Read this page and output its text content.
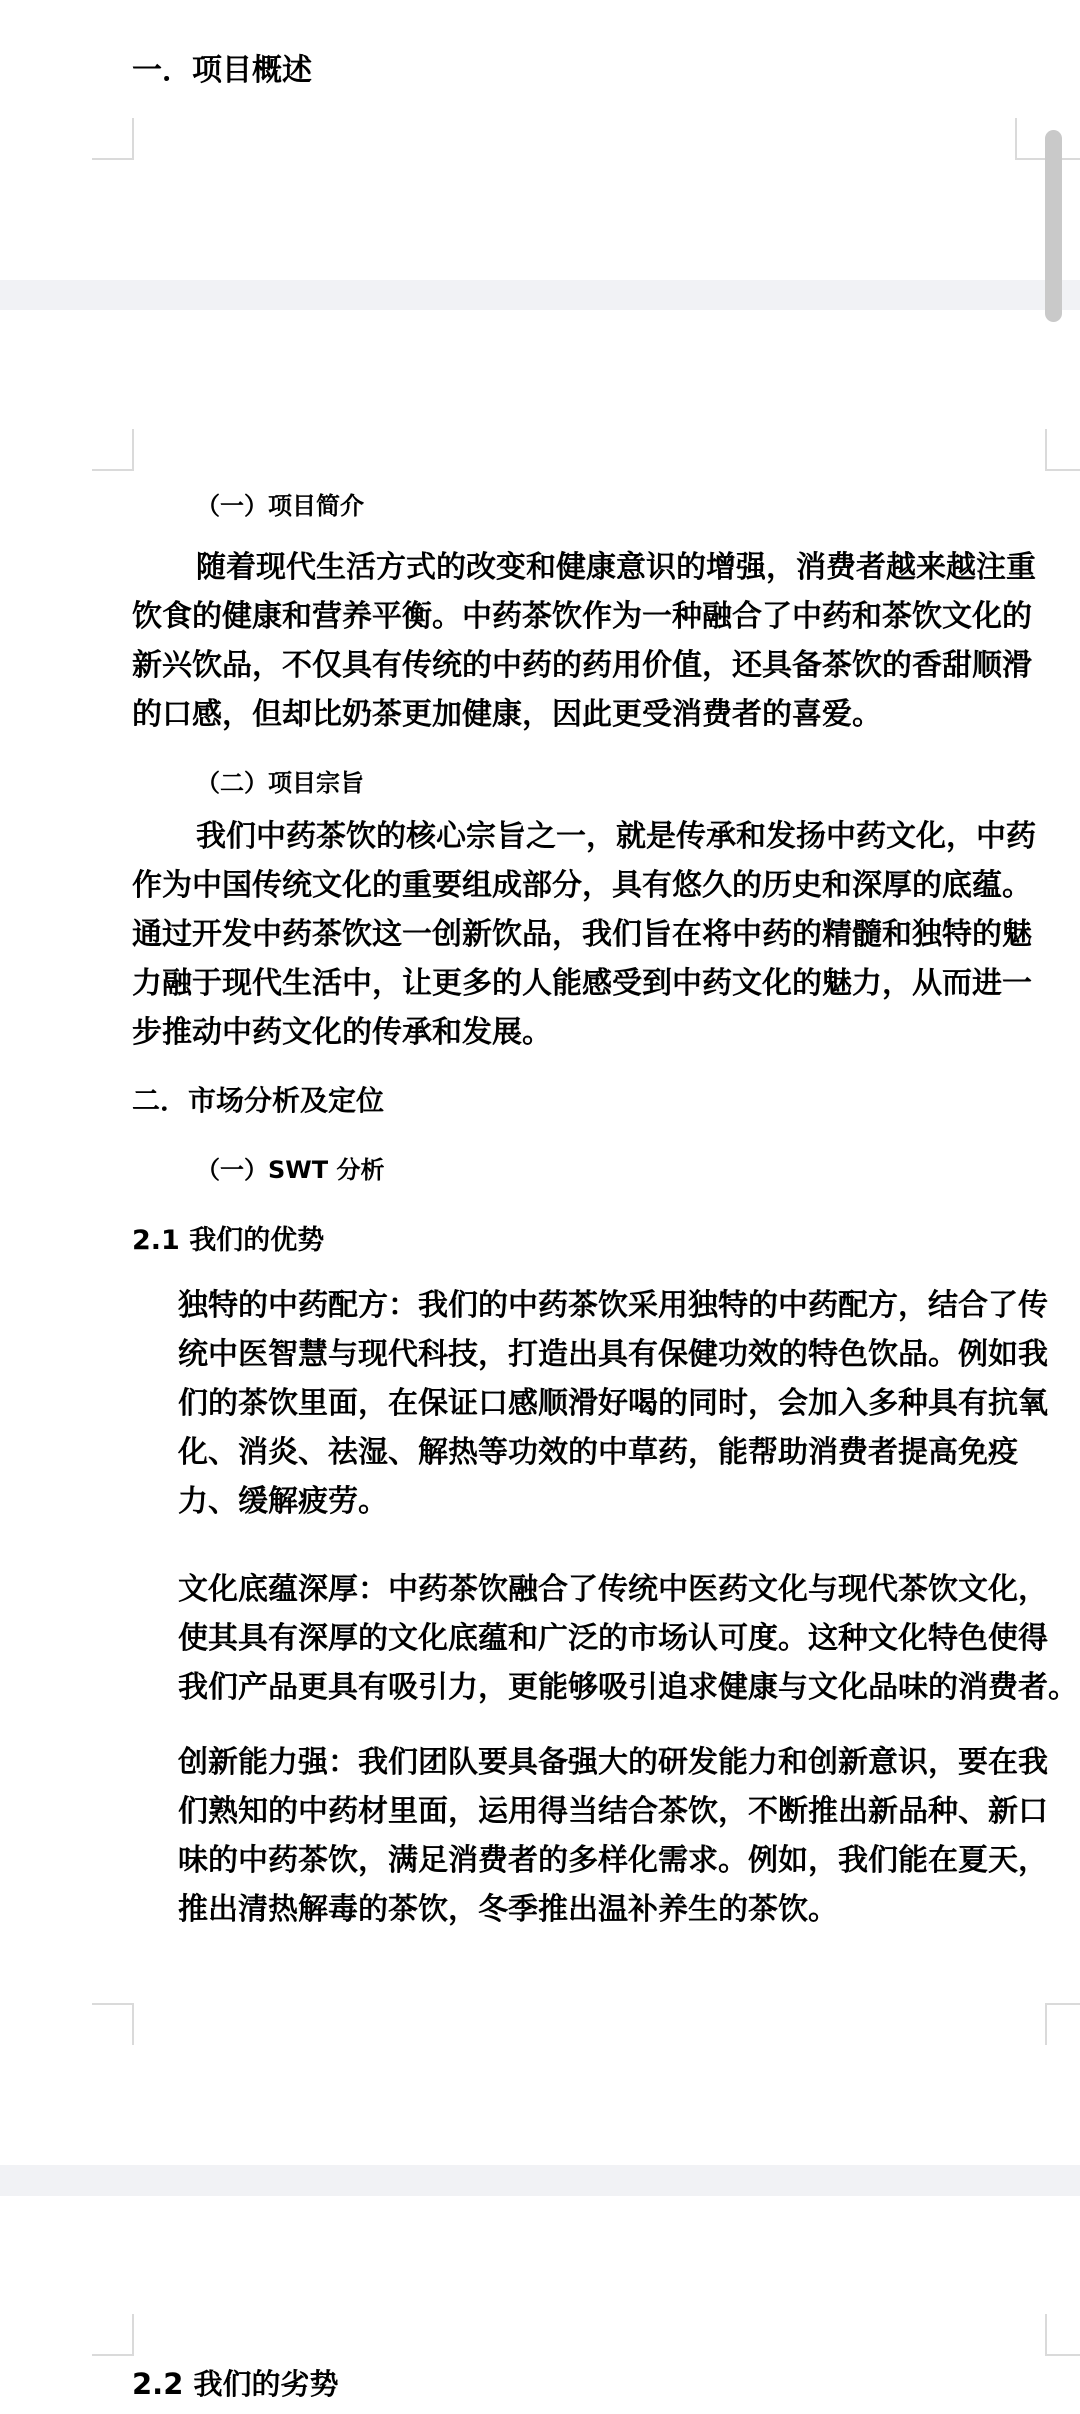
一．项目概述
（一）项目简介
随着现代生活方式的改变和健康意识的增强，消费者越来越注重
饮食的健康和营养平衡。中药茶饮作为一种融合了中药和茶饮文化的
新兴饮品，不仅具有传统的中药的药用价值，还具备茶饮的香甜顺滑
的口感，但却比奶茶更加健康，因此更受消费者的喜爱。
（二）项目宗旨
我们中药茶饮的核心宗旨之一，就是传承和发扬中药文化，中药
作为中国传统文化的重要组成部分，具有悠久的历史和深厚的底蕴。
通过开发中药茶饮这一创新饮品，我们旨在将中药的精髓和独特的魅
力融于现代生活中，让更多的人能感受到中药文化的魅力，从而进一
步推动中药文化的传承和发展。
二．市场分析及定位
（一）SWT 分析
2.1 我们的优势
独特的中药配方：我们的中药茶饮采用独特的中药配方，结合了传
统中医智慧与现代科技，打造出具有保健功效的特色饮品。例如我
们的茶饮里面，在保证口感顺滑好喝的同时，会加入多种具有抗氧
化、消炎、祛湿、解热等功效的中草药，能帮助消费者提高免疫
力、缓解疲劳。
文化底蕴深厚：中药茶饮融合了传统中医药文化与现代茶饮文化，
使其具有深厚的文化底蕴和广泛的市场认可度。这种文化特色使得
我们产品更具有吸引力，更能够吸引追求健康与文化品味的消费者。
创新能力强：我们团队要具备强大的研发能力和创新意识，要在我
们熟知的中药材里面，运用得当结合茶饮，不断推出新品种、新口
味的中药茶饮，满足消费者的多样化需求。例如，我们能在夏天，
推出清热解毒的茶饮，冬季推出温补养生的茶饮。
2.2 我们的劣势
